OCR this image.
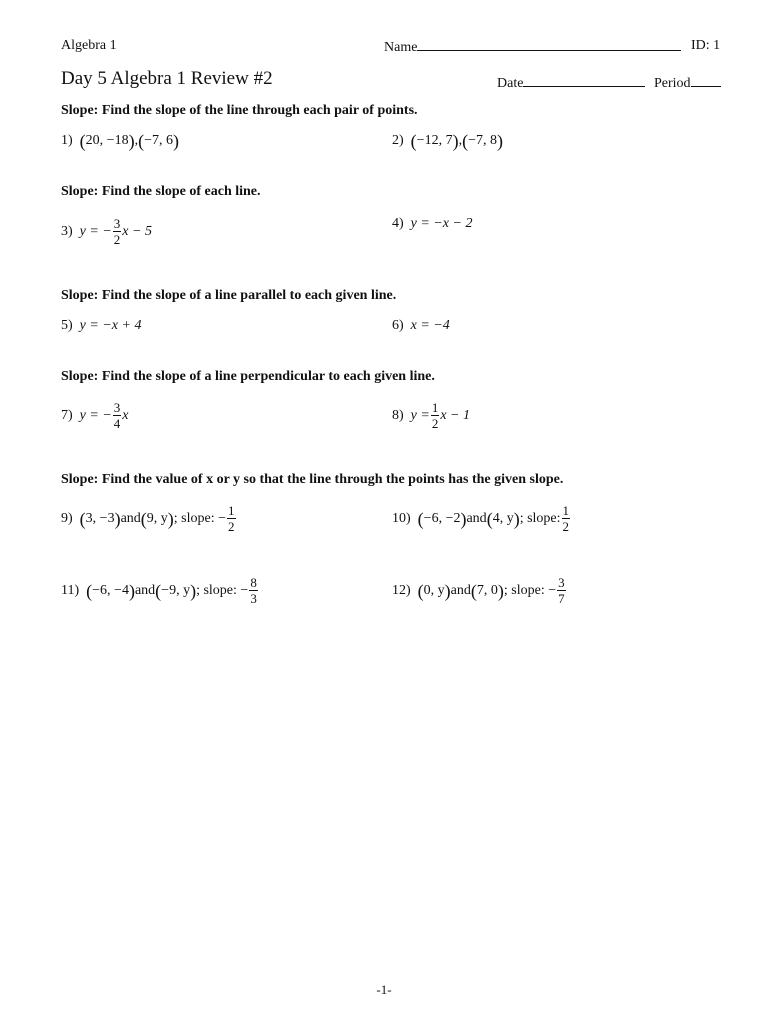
Algebra 1	Name	ID: 1
Day 5 Algebra 1 Review #2	Date	Period
Slope: Find the slope of the line through each pair of points.
1) ( 20, −18 ) , ( −7, 6 )	2) ( −12, 7 ) , ( −7, 8 )
Slope: Find the slope of each line.
3) y = − $\frac{3}{2}$ x − 5	4) y = −x − 2
Slope: Find the slope of a line parallel to each given line.
5) y = −x + 4	6) x = −4
Slope: Find the slope of a line perpendicular to each given line.
7) y = − $\frac{3}{4}$ x	8) $y = \frac{1}{2}$ x − 1
Slope: Find the value of x or y so that the line through the points has the given slope.
9) ( 3, −3 ) and ( 9, y ) ; slope: − $\frac{1}{2}$	10) ( −6, −2 ) and ( 4, y ) ; slope: $\frac{1}{2}$
11) ( −6, −4 ) and ( −9, y ) ; slope: − $\frac{8}{3}$	12) ( 0, y ) and ( 7, 0 ) ; slope: − $\frac{3}{7}$
-1-
